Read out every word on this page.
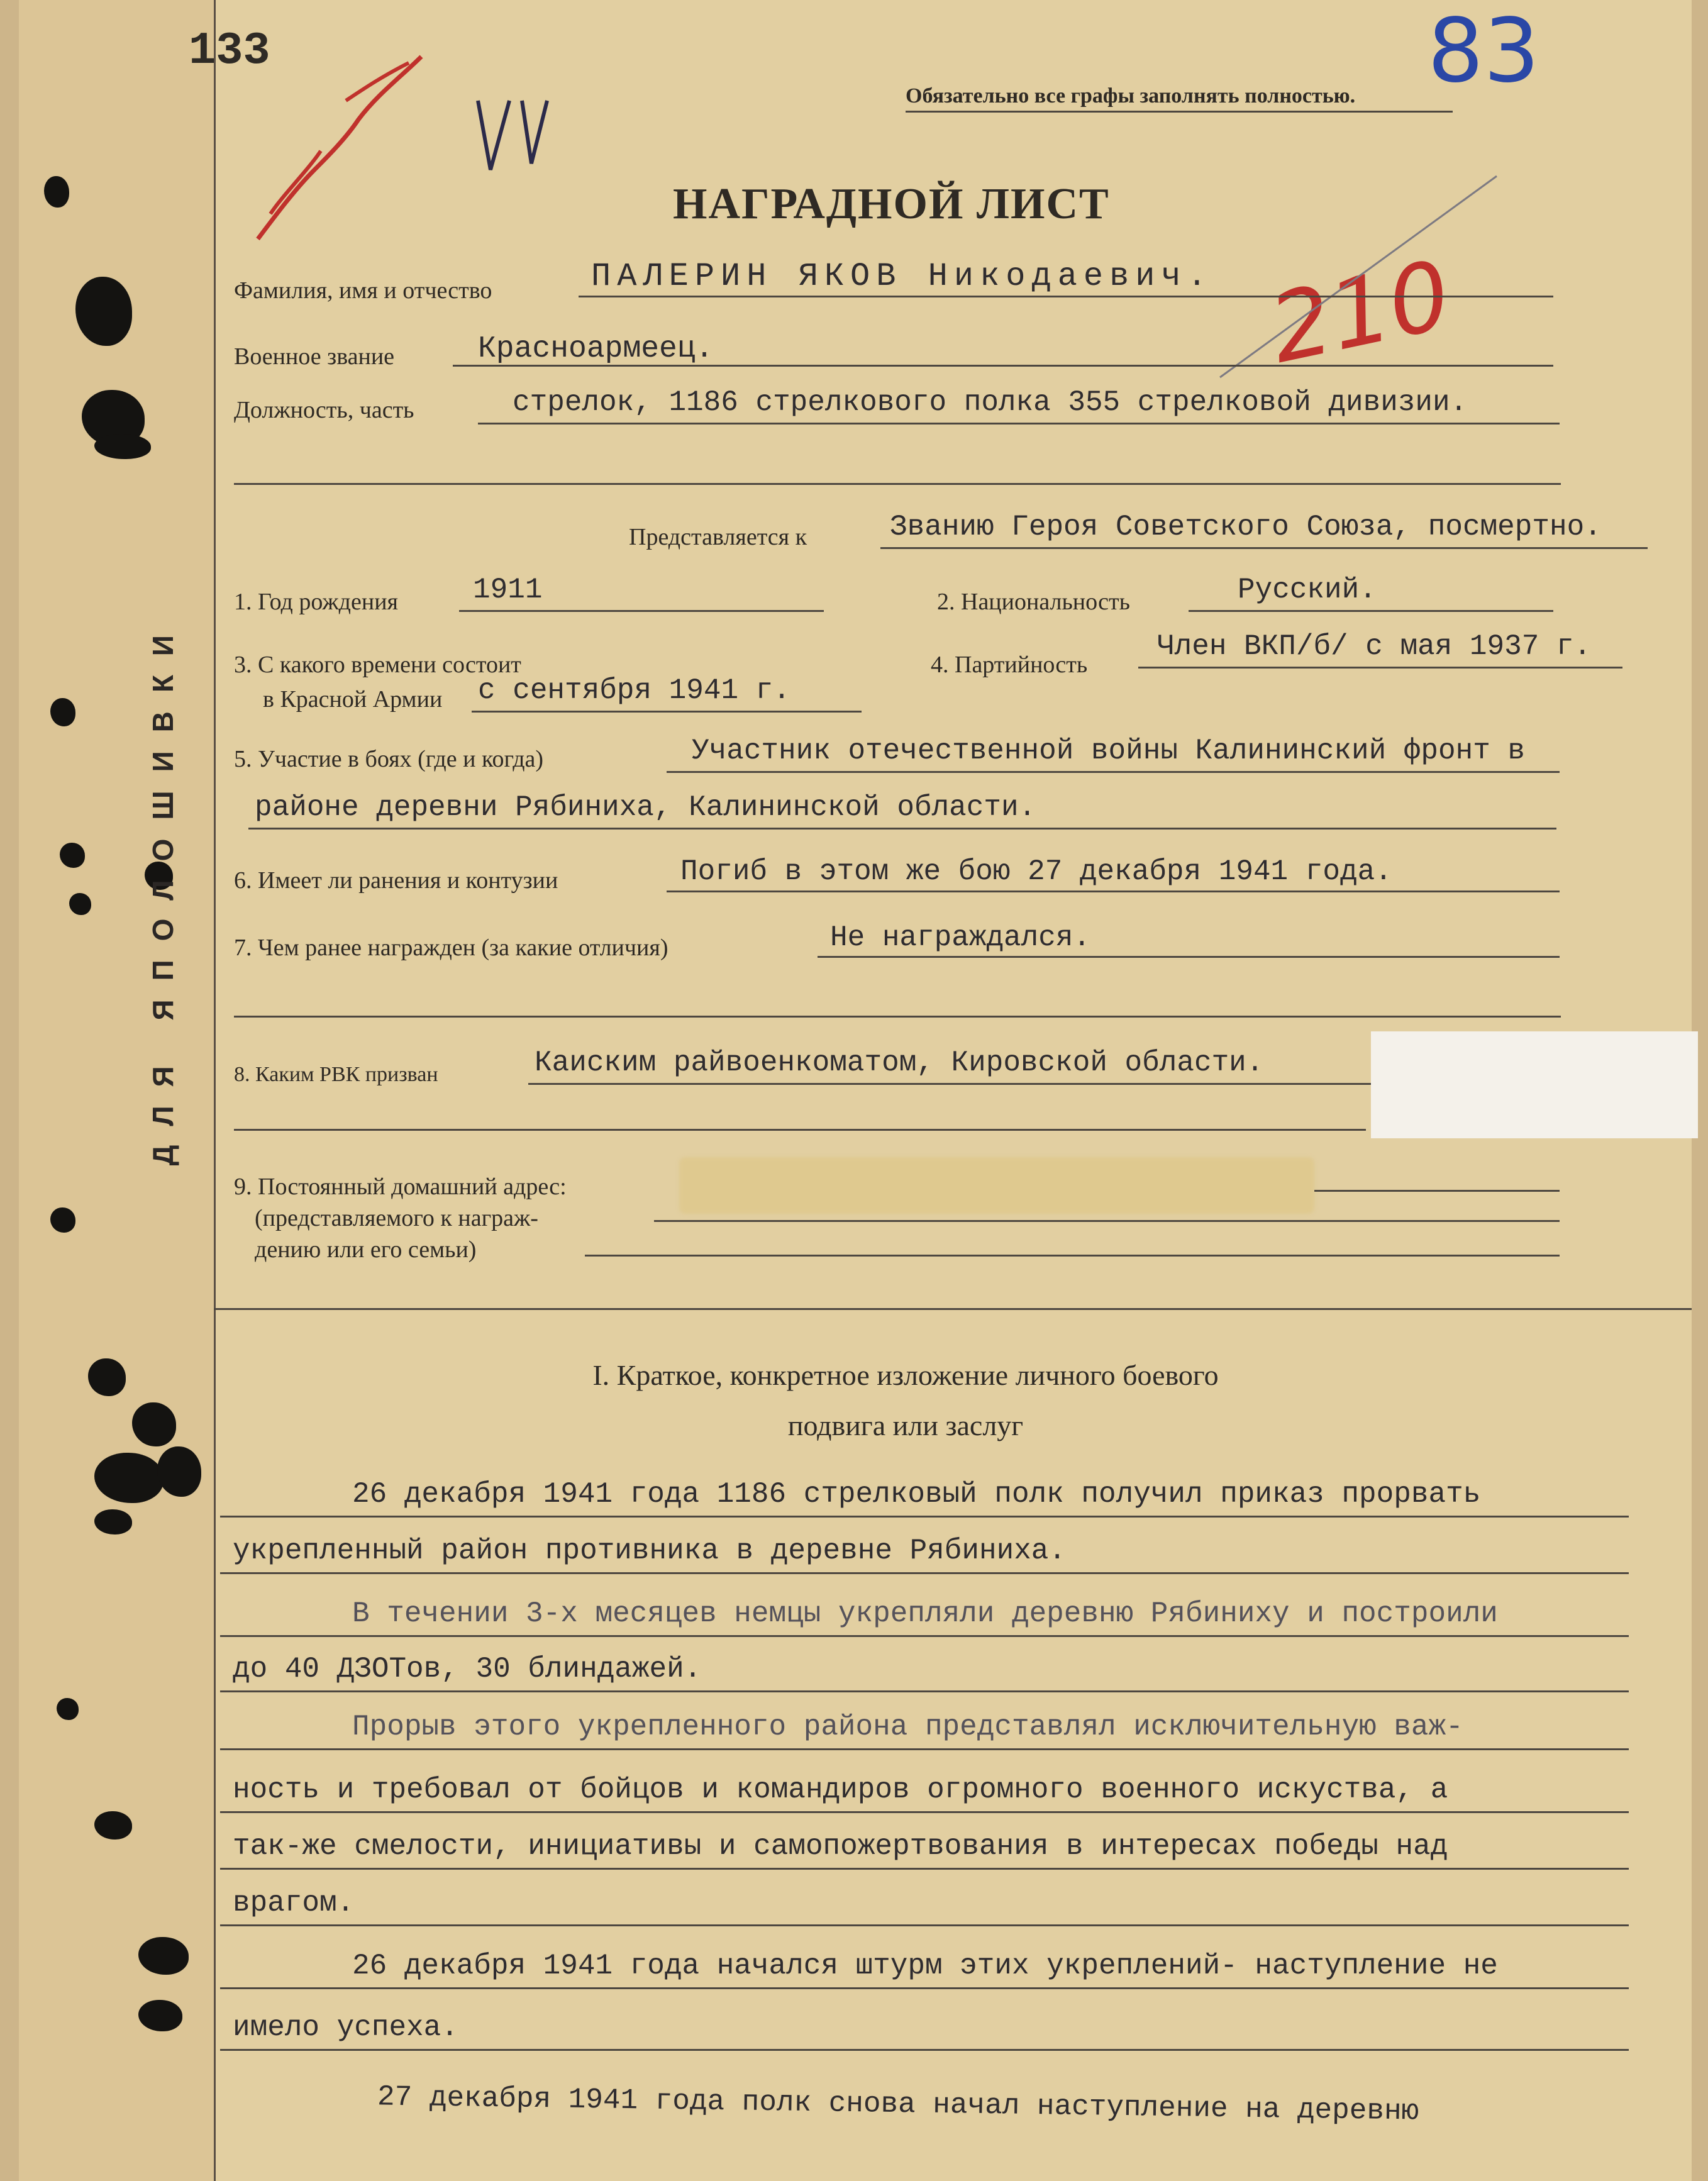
ДЛЯ ЯПОЛОШИВКИ
133	83
Обязательно все графы заполнять полностью.
210
НАГРАДНОЙ ЛИСТ
Фамилия, имя и отчество	ПАЛЕРИН ЯКОВ Никодаевич.
Военное звание	Красноармеец.
Должность, часть	стрелок, 1186 стрелкового полка 355 стрелковой дивизии.
Представляется к	Званию Героя Советского Союза, посмертно.
1. Год рождения	1911	2. Национальность	Русский.
3. С какого времени состоит
в Красной Армии с сентября 1941 г.
4. Партийность
Член ВКП/б/ с мая 1937 г.
5. Участие в боях (где и когда)	Участник отечественной войны Калининский фронт в
районе деревни Рябиниха, Калининской области.
6. Имеет ли ранения и контузии	Погиб в этом же бою 27 декабря 1941 года.
7. Чем ранее награжден (за какие отличия)	Не награждался.
8. Каким РВК призван	Каиским райвоенкоматом, Кировской области.
9. Постоянный домашний адрес:
(представляемого к награж-
дению или его семьи)
I. Краткое, конкретное изложение личного боевого
подвига или заслуг
26 декабря 1941 года 1186 стрелковый полк получил приказ прорвать
укрепленный район противника в деревне Рябиниха.
В течении 3-х месяцев немцы укрепляли деревню Рябиниху и построили
до 40 ДЗОТов, 30 блиндажей.
Прорыв этого укрепленного района представлял исключительную важ-
ность и требовал от бойцов и командиров огромного военного искуства, а
так-же смелости, инициативы и самопожертвования в интересах победы над
врагом.
26 декабря 1941 года начался штурм этих укреплений- наступление не
имело успеха.
27 декабря 1941 года полк снова начал наступление на деревню
